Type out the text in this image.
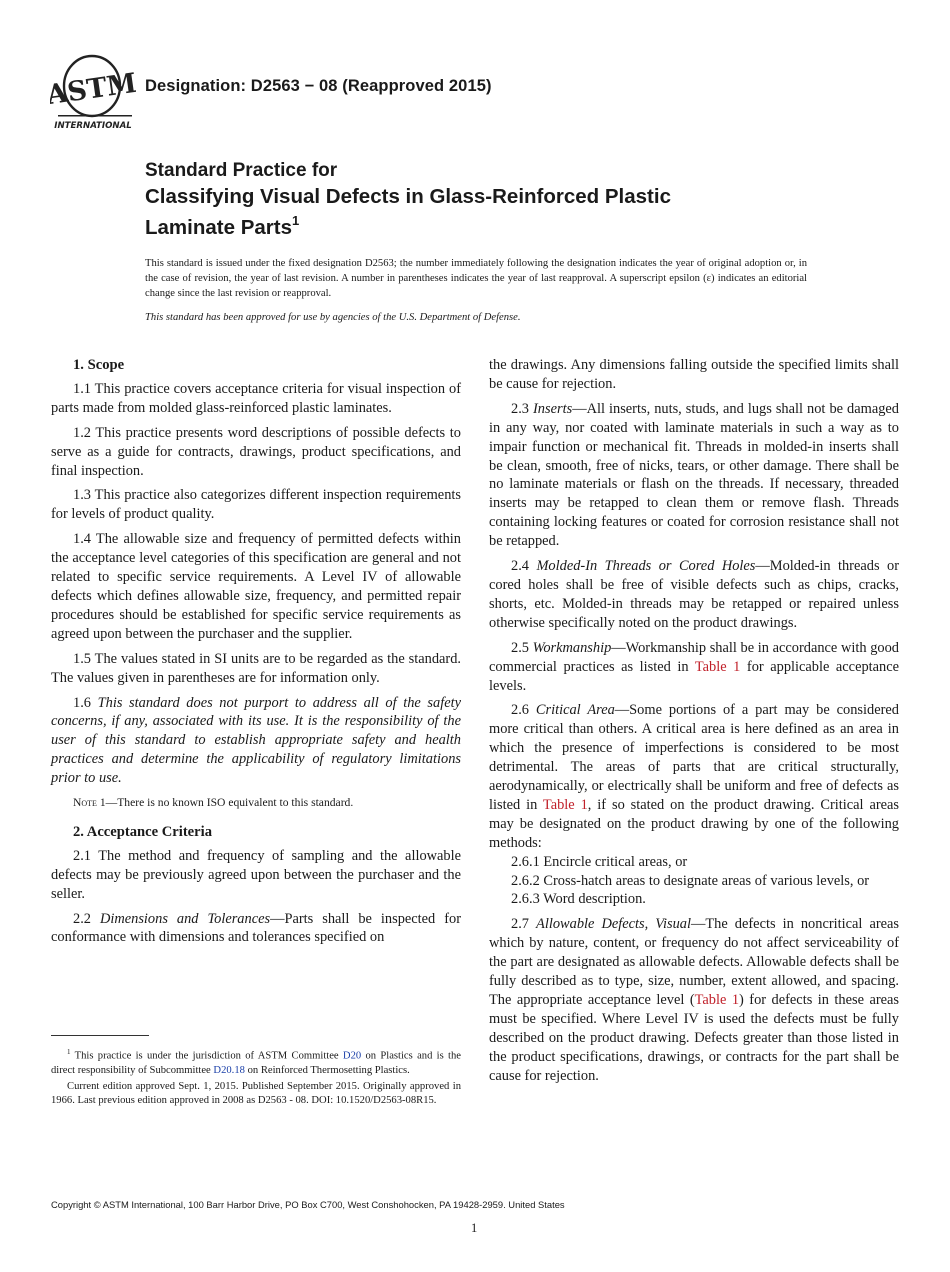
ASTM
INTERNATIONAL
Designation: D2563 − 08 (Reapproved 2015)
Standard Practice for
Classifying Visual Defects in Glass-Reinforced Plastic
Laminate Parts$^1$
This standard is issued under the fixed designation D2563; the number immediately following the designation indicates the year of original adoption or, in the case of revision, the year of last revision. A number in parentheses indicates the year of last reapproval. A superscript epsilon (ε) indicates an editorial change since the last revision or reapproval.
This standard has been approved for use by agencies of the U.S. Department of Defense.
1. Scope

1.1 This practice covers acceptance criteria for visual inspection of parts made from molded glass-reinforced plastic laminates.

1.2 This practice presents word descriptions of possible defects to serve as a guide for contracts, drawings, product specifications, and final inspection.

1.3 This practice also categorizes different inspection requirements for levels of product quality.

1.4 The allowable size and frequency of permitted defects within the acceptance level categories of this specification are general and not related to specific service requirements. A Level IV of allowable defects which defines allowable size, frequency, and permitted repair procedures should be established for specific service requirements as agreed upon between the purchaser and the supplier.

1.5 The values stated in SI units are to be regarded as the standard. The values given in parentheses are for information only.

1.6 This standard does not purport to address all of the safety concerns, if any, associated with its use. It is the responsibility of the user of this standard to establish appropriate safety and health practices and determine the applicability of regulatory limitations prior to use.

Note 1—There is no known ISO equivalent to this standard.

2. Acceptance Criteria

2.1 The method and frequency of sampling and the allowable defects may be previously agreed upon between the purchaser and the seller.

2.2 Dimensions and Tolerances—Parts shall be inspected for conformance with dimensions and tolerances specified on

the drawings. Any dimensions falling outside the specified limits shall be cause for rejection.

2.3 Inserts—All inserts, nuts, studs, and lugs shall not be damaged in any way, nor coated with laminate materials in such a way as to impair function or mechanical fit. Threads in molded-in inserts shall be clean, smooth, free of nicks, tears, or other damage. There shall be no laminate materials or flash on the threads. If necessary, threaded inserts may be retapped to clean them or remove flash. Threads containing locking features or coated for corrosion resistance shall not be retapped.

2.4 Molded-In Threads or Cored Holes—Molded-in threads or cored holes shall be free of visible defects such as chips, cracks, shorts, etc. Molded-in threads may be retapped or repaired unless otherwise specifically noted on the product drawings.

2.5 Workmanship—Workmanship shall be in accordance with good commercial practices as listed in Table 1 for applicable acceptance levels.

2.6 Critical Area—Some portions of a part may be considered more critical than others. A critical area is here defined as an area in which the presence of imperfections is considered to be most detrimental. The areas of parts that are critical structurally, aerodynamically, or electrically shall be uniform and free of defects as listed in Table 1, if so stated on the product drawing. Critical areas may be designated on the product drawing by one of the following methods:

2.6.1 Encircle critical areas, or

2.6.2 Cross-hatch areas to designate areas of various levels, or

2.6.3 Word description.

2.7 Allowable Defects, Visual—The defects in noncritical areas which by nature, content, or frequency do not affect serviceability of the part are designated as allowable defects. Allowable defects shall be fully described as to type, size, number, extent allowed, and spacing. The appropriate acceptance level (Table 1) for defects in these areas must be specified. Where Level IV is used the defects must be fully described on the product drawing. Defects greater than those listed in the product specifications, drawings, or contracts for the part shall be cause for rejection.

$^1$ This practice is under the jurisdiction of ASTM Committee D20 on Plastics and is the direct responsibility of Subcommittee D20.18 on Reinforced Thermosetting Plastics.

Current edition approved Sept. 1, 2015. Published September 2015. Originally approved in 1966. Last previous edition approved in 2008 as D2563 - 08. DOI: 10.1520/D2563-08R15.

Copyright © ASTM International, 100 Barr Harbor Drive, PO Box C700, West Conshohocken, PA 19428-2959. United States
1
